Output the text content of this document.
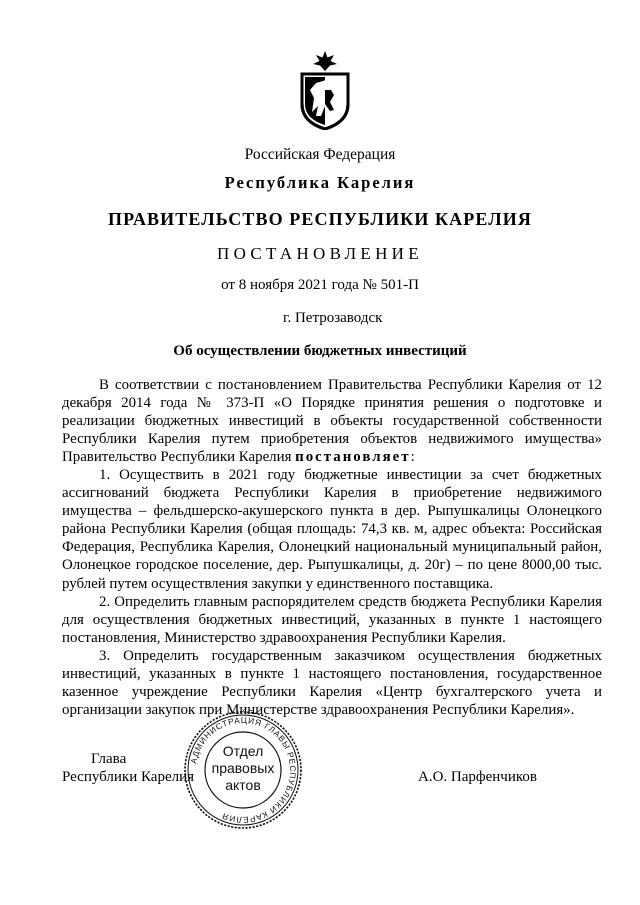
Российская Федерация
Республика Карелия
ПРАВИТЕЛЬСТВО РЕСПУБЛИКИ КАРЕЛИЯ
ПОСТАНОВЛЕНИЕ
от 8 ноября 2021 года № 501-П
г. Петрозаводск
Об осуществлении бюджетных инвестиций

В соответствии с постановлением Правительства Республики Карелия от 12 декабря 2014 года № 373-П «О Порядке принятия решения о подготовке и реализации бюджетных инвестиций в объекты государственной собственности Республики Карелия путем приобретения объектов недвижимого имущества» Правительство Республики Карелия постановляет:

1. Осуществить в 2021 году бюджетные инвестиции за счет бюджетных ассигнований бюджета Республики Карелия в приобретение недвижимого имущества – фельдшерско-акушерского пункта в дер. Рыпушкалицы Олонецкого района Республики Карелия (общая площадь: 74,3 кв. м, адрес объекта: Российская Федерация, Республика Карелия, Олонецкий национальный муниципальный район, Олонецкое городское поселение, дер. Рыпушкалицы, д. 20г) – по цене 8000,00 тыс. рублей путем осуществления закупки у единственного поставщика.

2. Определить главным распорядителем средств бюджета Республики Карелия для осуществления бюджетных инвестиций, указанных в пункте 1 настоящего постановления, Министерство здравоохранения Республики Карелия.

3. Определить государственным заказчиком осуществления бюджетных инвестиций, указанных в пункте 1 настоящего постановления, государственное казенное учреждение Республики Карелия «Центр бухгалтерского учета и организации закупок при Министерстве здравоохранения Республики Карелия».

Глава
Республики Карелия	А.О. Парфенчиков
АДМИНИСТРАЦИЯ ГЛАВЫ РЕСПУБЛИКИ КАРЕЛИЯ
Отдел
правовых
актов
